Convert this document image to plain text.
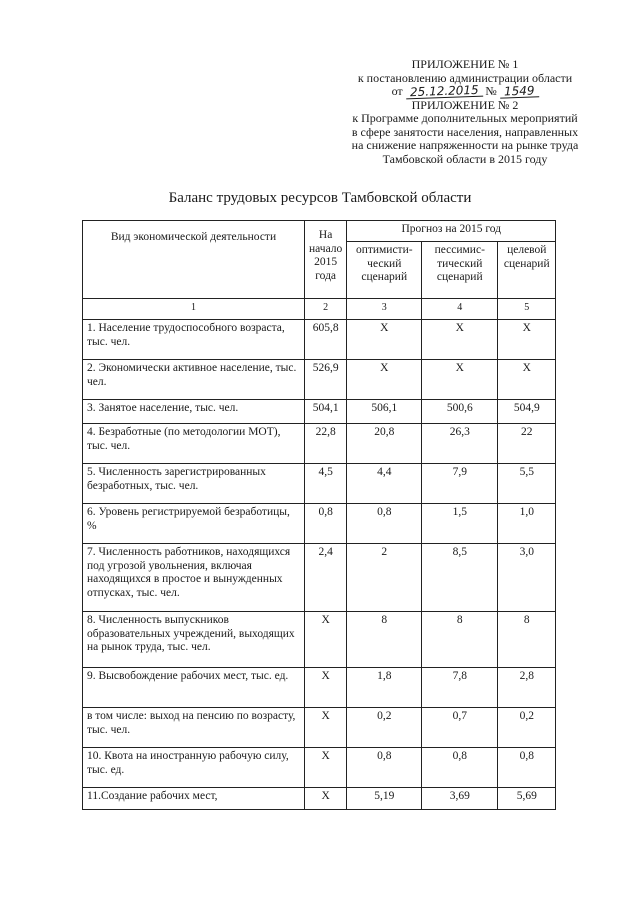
ПРИЛОЖЕНИЕ № 1
к постановлению администрации области
от 25.12.2015 № 1549
ПРИЛОЖЕНИЕ № 2
к Программе дополнительных мероприятий
в сфере занятости населения, направленных
на снижение напряженности на рынке труда
Тамбовской области в 2015 году
Баланс трудовых ресурсов Тамбовской области
Вид экономической деятельности	На начало 2015 года	Прогноз на 2015 год		
		оптимисти-ческий сценарий	пессимис-тический сценарий	целевой сценарий
1	2	3	4	5
1. Население трудоспособного возраста, тыс. чел.	605,8	Х	Х	Х
2. Экономически активное население, тыс. чел.	526,9	Х	Х	Х
3. Занятое население, тыс. чел.	504,1	506,1	500,6	504,9
4. Безработные (по методологии МОТ), тыс. чел.	22,8	20,8	26,3	22
5. Численность зарегистрированных безработных, тыс. чел.	4,5	4,4	7,9	5,5
6. Уровень регистрируемой безработицы, %	0,8	0,8	1,5	1,0
7. Численность работников, находящихся под угрозой увольнения, включая находящихся в простое и вынужденных отпусках, тыс. чел.	2,4	2	8,5	3,0
8. Численность выпускников образовательных учреждений, выходящих на рынок труда, тыс. чел.	Х	8	8	8
9. Высвобождение рабочих мест, тыс. ед.	Х	1,8	7,8	2,8
в том числе: выход на пенсию по возрасту, тыс. чел.	Х	0,2	0,7	0,2
10. Квота на иностранную рабочую силу, тыс. ед.	Х	0,8	0,8	0,8
11.Создание рабочих мест,	Х	5,19	3,69	5,69
